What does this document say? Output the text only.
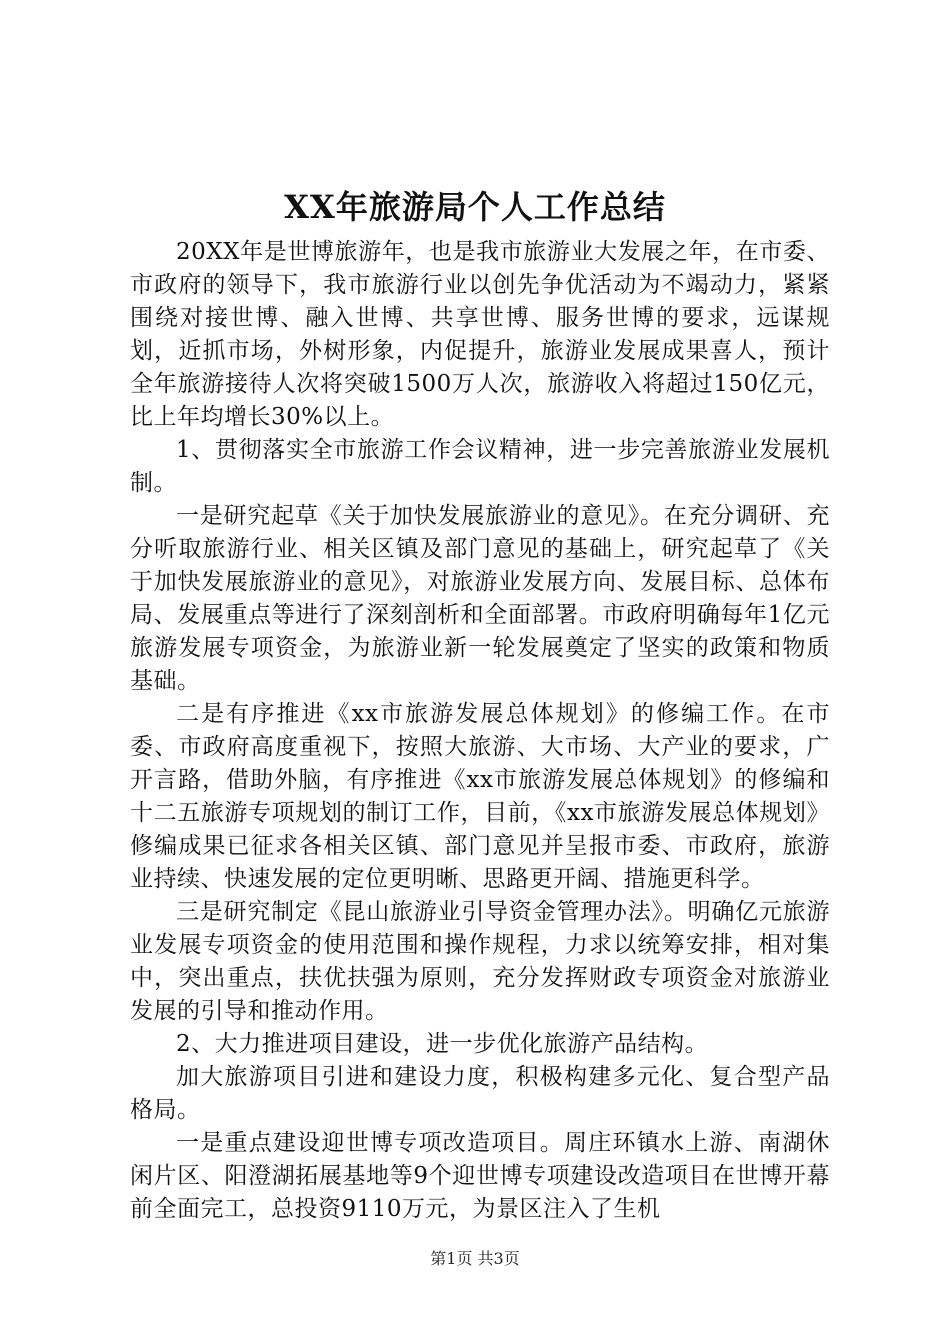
XX年旅游局个人工作总结

20XX年是世博旅游年，也是我市旅游业大发展之年，在市委、市政府的领导下，我市旅游行业以创先争优活动为不竭动力，紧紧围绕对接世博、融入世博、共享世博、服务世博的要求，远谋规划，近抓市场，外树形象，内促提升，旅游业发展成果喜人，预计全年旅游接待人次将突破1500万人次，旅游收入将超过150亿元，比上年均增长30%以上。

1、贯彻落实全市旅游工作会议精神，进一步完善旅游业发展机制。

一是研究起草《关于加快发展旅游业的意见》。在充分调研、充分听取旅游行业、相关区镇及部门意见的基础上，研究起草了《关于加快发展旅游业的意见》，对旅游业发展方向、发展目标、总体布局、发展重点等进行了深刻剖析和全面部署。市政府明确每年1亿元旅游发展专项资金，为旅游业新一轮发展奠定了坚实的政策和物质基础。

二是有序推进《xx市旅游发展总体规划》的修编工作。在市委、市政府高度重视下，按照大旅游、大市场、大产业的要求，广开言路，借助外脑，有序推进《xx市旅游发展总体规划》的修编和十二五旅游专项规划的制订工作，目前，《xx市旅游发展总体规划》修编成果已征求各相关区镇、部门意见并呈报市委、市政府，旅游业持续、快速发展的定位更明晰、思路更开阔、措施更科学。

三是研究制定《昆山旅游业引导资金管理办法》。明确亿元旅游业发展专项资金的使用范围和操作规程，力求以统筹安排，相对集中，突出重点，扶优扶强为原则，充分发挥财政专项资金对旅游业发展的引导和推动作用。

2、大力推进项目建设，进一步优化旅游产品结构。

加大旅游项目引进和建设力度，积极构建多元化、复合型产品格局。

一是重点建设迎世博专项改造项目。周庄环镇水上游、南湖休闲片区、阳澄湖拓展基地等9个迎世博专项建设改造项目在世博开幕前全面完工，总投资9110万元，为景区注入了生机

第1页 共3页
